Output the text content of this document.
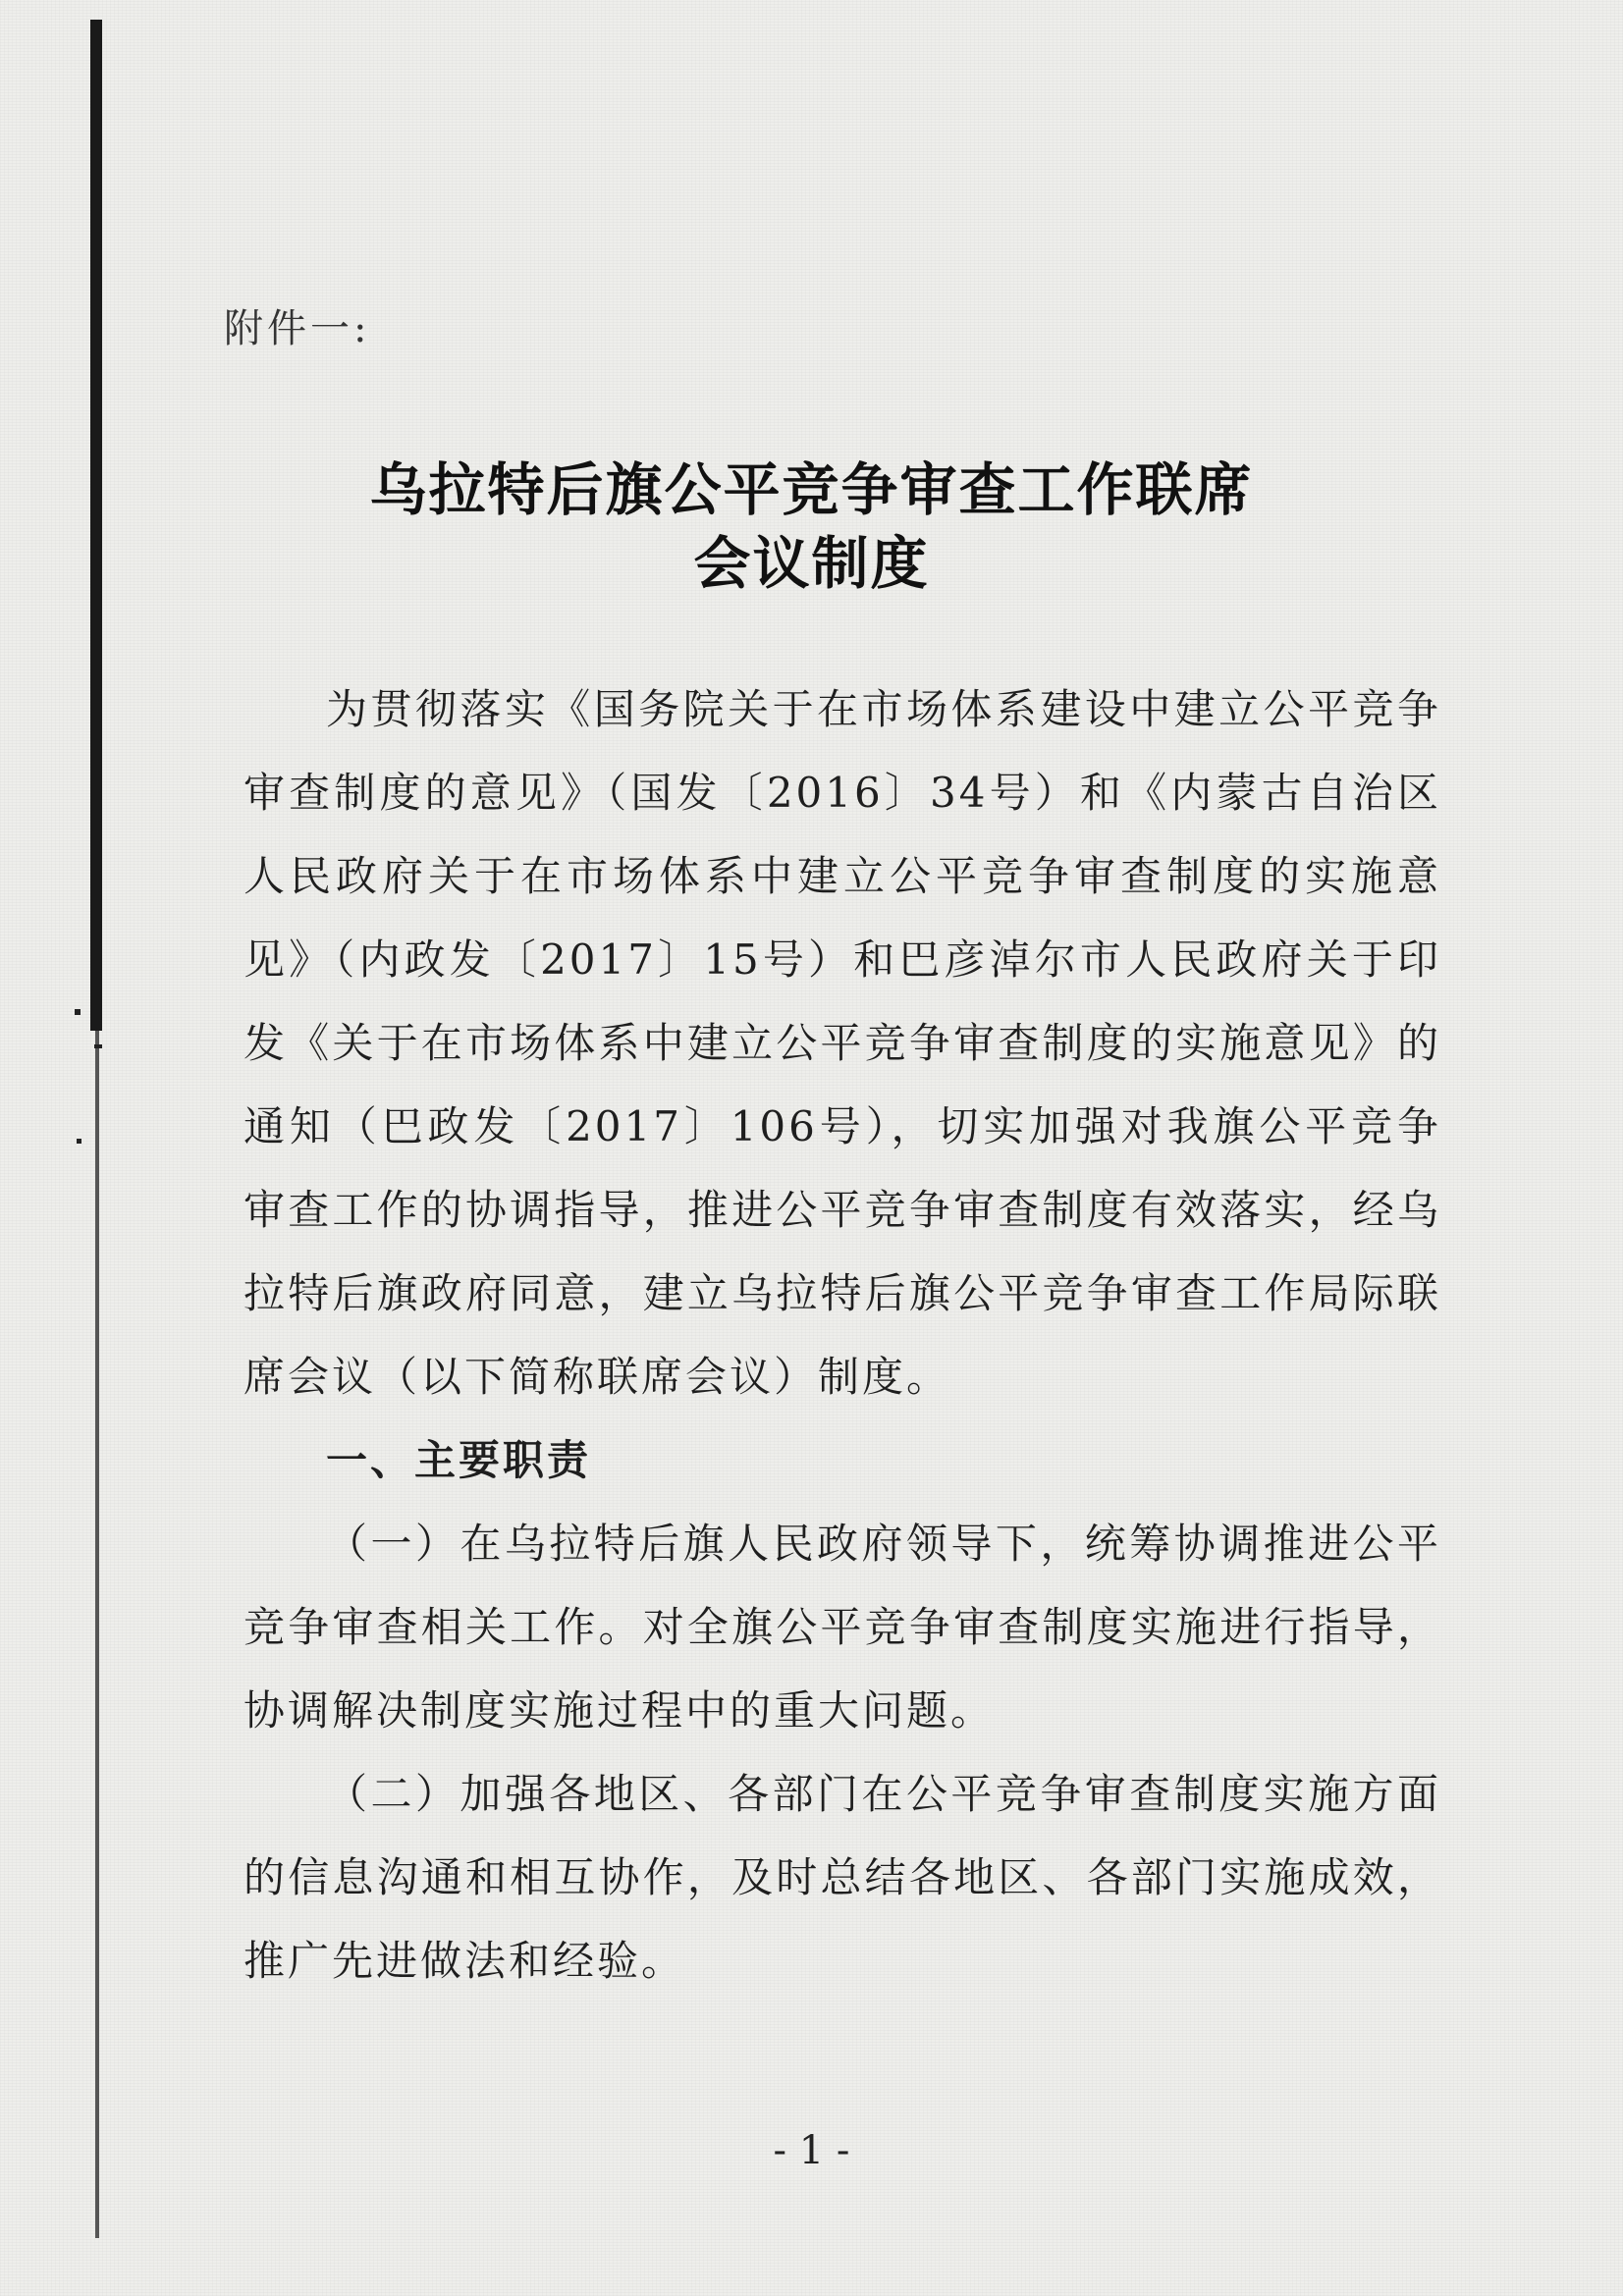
附件一:
乌拉特后旗公平竞争审查工作联席
会议制度

为贯彻落实《国务院关于在市场体系建设中建立公平竞争审查制度的意见》（国发〔2016〕34号）和《内蒙古自治区人民政府关于在市场体系中建立公平竞争审查制度的实施意见》（内政发〔2017〕15号）和巴彦淖尔市人民政府关于印发《关于在市场体系中建立公平竞争审查制度的实施意见》的通知（巴政发〔2017〕106号），切实加强对我旗公平竞争审查工作的协调指导，推进公平竞争审查制度有效落实，经乌拉特后旗政府同意，建立乌拉特后旗公平竞争审查工作局际联席会议（以下简称联席会议）制度。

一、主要职责

（一）在乌拉特后旗人民政府领导下，统筹协调推进公平竞争审查相关工作。对全旗公平竞争审查制度实施进行指导，协调解决制度实施过程中的重大问题。

（二）加强各地区、各部门在公平竞争审查制度实施方面的信息沟通和相互协作，及时总结各地区、各部门实施成效，推广先进做法和经验。

- 1 -
